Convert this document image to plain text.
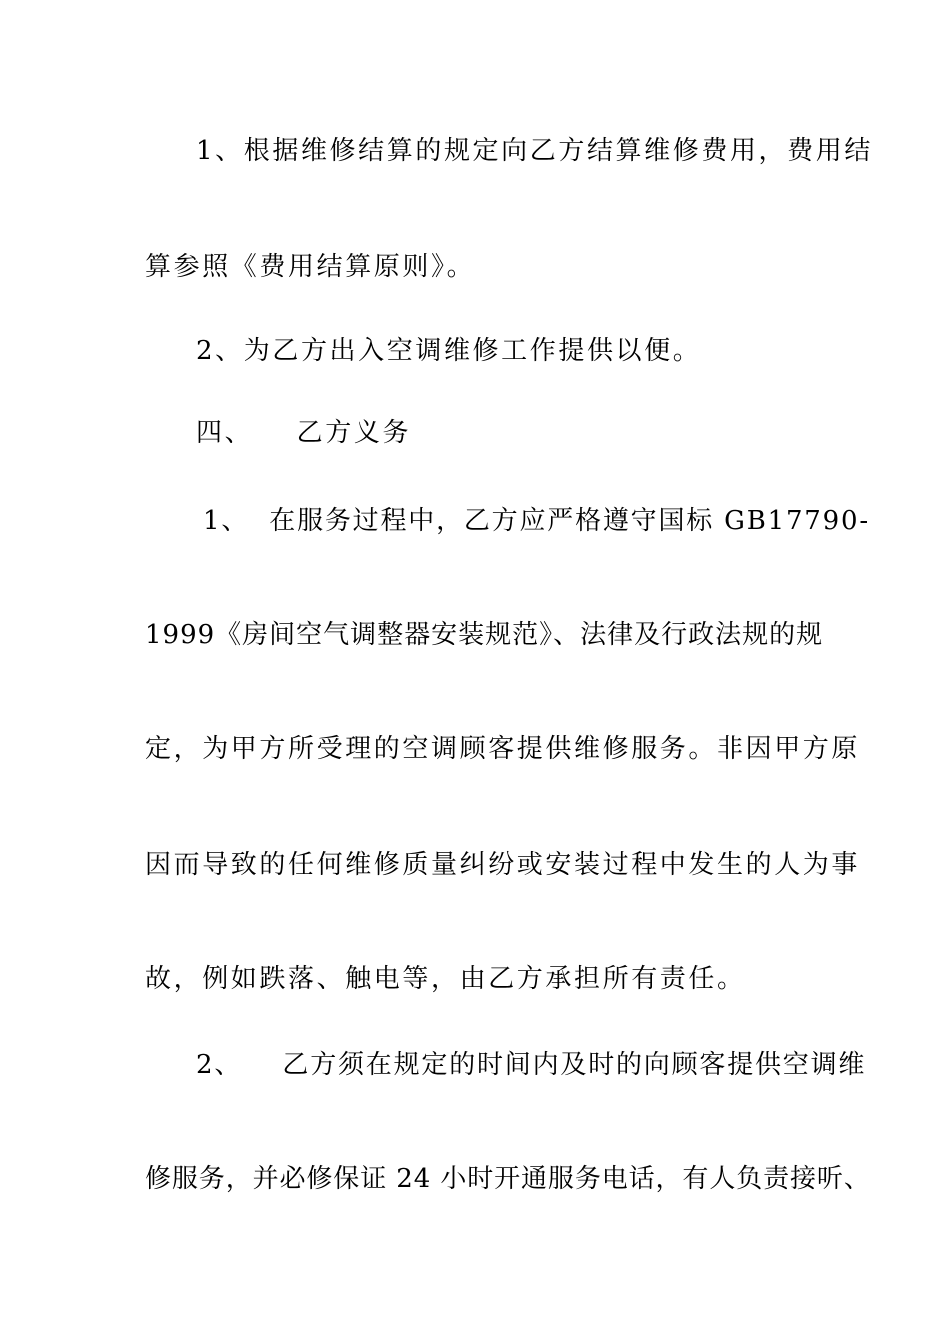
1、根据维修结算的规定向乙方结算维修费用，费用结
算参照《费用结算原则》。
2、为乙方出入空调维修工作提供以便。
四、    乙方义务
1、  在服务过程中，乙方应严格遵守国标 GB17790-
1999《房间空气调整器安装规范》、法律及行政法规的规
定，为甲方所受理的空调顾客提供维修服务。非因甲方原
因而导致的任何维修质量纠纷或安装过程中发生的人为事
故，例如跌落、触电等，由乙方承担所有责任。
2、    乙方须在规定的时间内及时的向顾客提供空调维
修服务，并必修保证 24 小时开通服务电话，有人负责接听、
